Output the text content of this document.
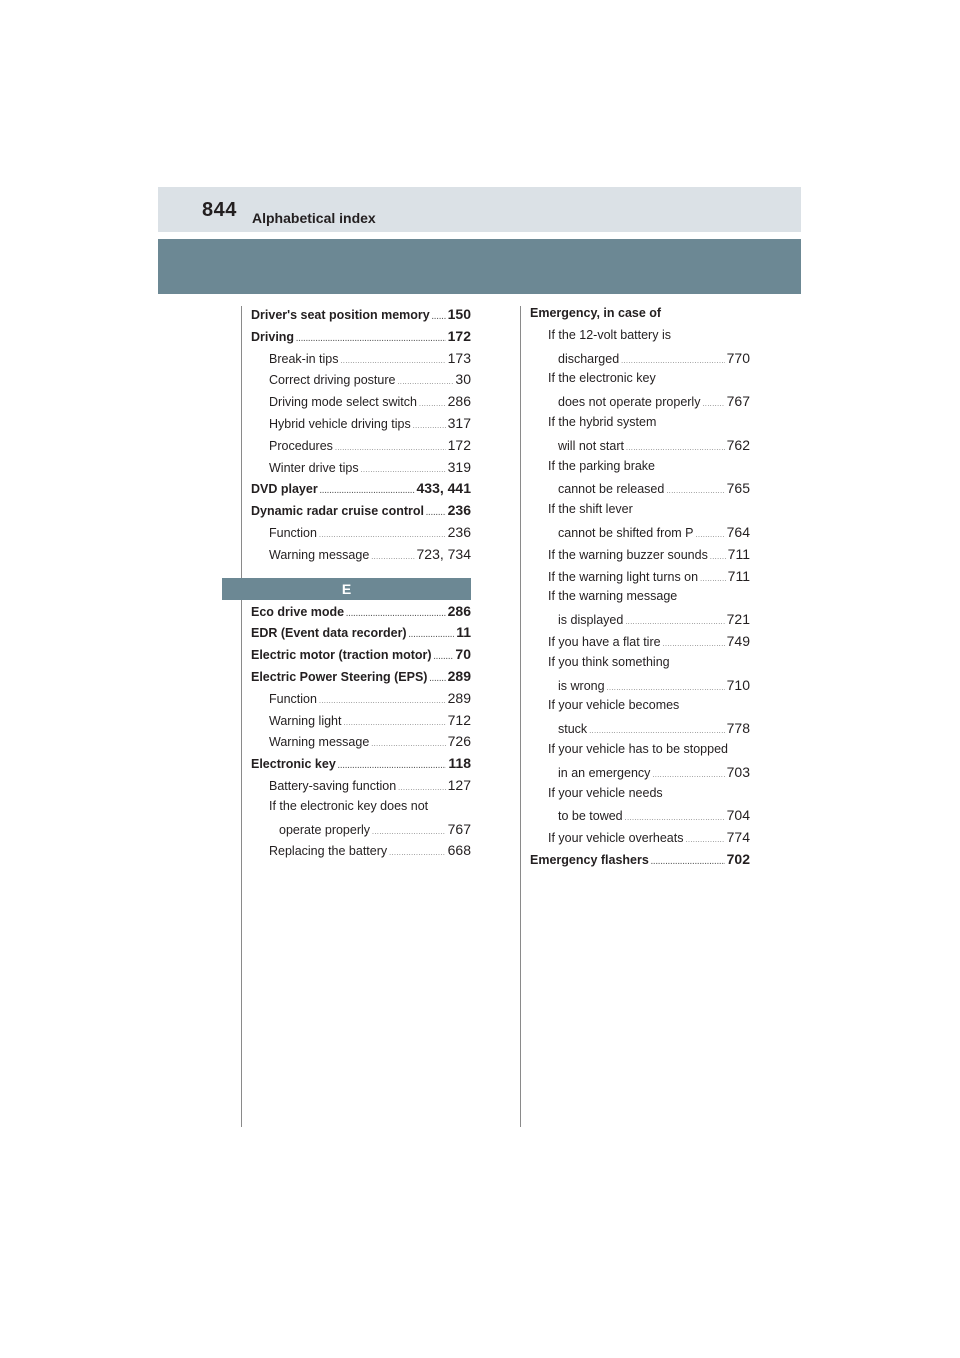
844 Alphabetical index
Driver's seat position memory ..... 150
Driving .....	172
Break-in tips .....	173
Correct driving posture .....	30
Driving mode select switch ..... 286
Hybrid vehicle driving tips .....	317
Procedures .....	172
Winter drive tips .....	319
DVD player .....	433, 441
Dynamic radar cruise control ..... 236
Function .....	236
Warning message .....	723, 734
E
Eco drive mode .....	286
EDR (Event data recorder) .....	11
Electric motor (traction motor) ..... 70
Electric Power Steering (EPS) ..... 289
Function .....	289
Warning light .....	712
Warning message .....	726
Electronic key .....	118
Battery-saving function .....	127
If the electronic key does not
operate properly .....	767
Replacing the battery .....	668
Emergency, in case of
If the 12-volt battery is
discharged .....	770
If the electronic key
does not operate properly ..... 767
If the hybrid system
will not start .....	762
If the parking brake
cannot be released .....	765
If the shift lever
cannot be shifted from P ..... 764
If the warning buzzer sounds ..... 711
If the warning light turns on ..... 711
If the warning message
is displayed .....	721
If you have a flat tire .....	749
If you think something
is wrong .....	710
If your vehicle becomes
stuck .....	778
If your vehicle has to be stopped
in an emergency .....	703
If your vehicle needs
to be towed .....	704
If your vehicle overheats .....	774
Emergency flashers .....	702
